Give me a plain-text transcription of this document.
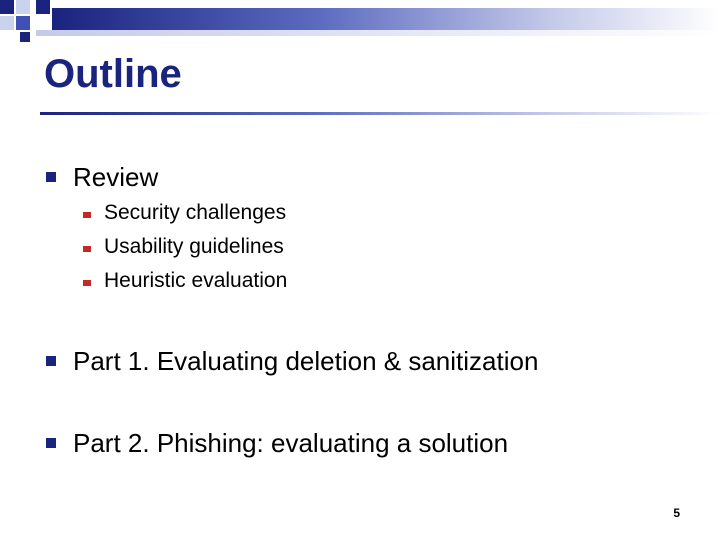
Outline
Review
Security challenges
Usability guidelines
Heuristic evaluation
Part 1. Evaluating deletion & sanitization
Part 2. Phishing: evaluating a solution
5
